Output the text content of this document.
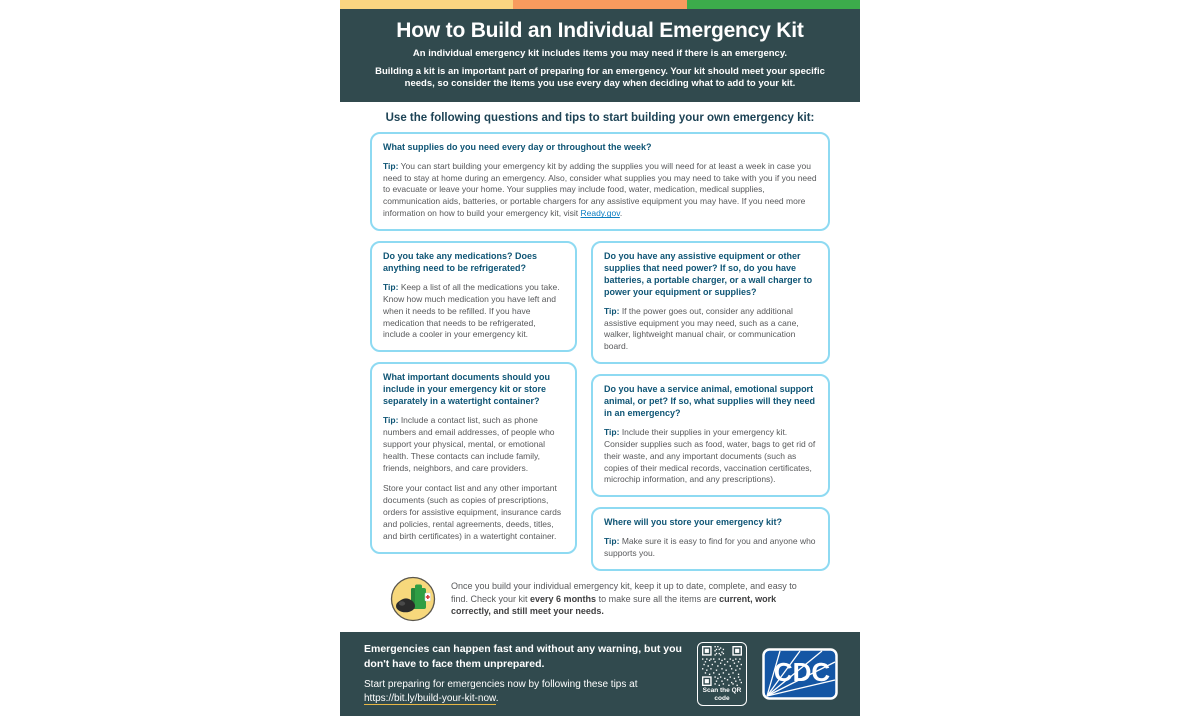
How to Build an Individual Emergency Kit

An individual emergency kit includes items you may need if there is an emergency.

Building a kit is an important part of preparing for an emergency. Your kit should meet your specific needs, so consider the items you use every day when deciding what to add to your kit.

Use the following questions and tips to start building your own emergency kit:
What supplies do you need every day or throughout the week?

Tip: You can start building your emergency kit by adding the supplies you will need for at least a week in case you need to stay at home during an emergency. Also, consider what supplies you may need to take with you if you need to evacuate or leave your home. Your supplies may include food, water, medication, medical supplies, communication aids, batteries, or portable chargers for any assistive equipment you may have. If you need more information on how to build your emergency kit, visit Ready.gov.

Do you take any medications? Does anything need to be refrigerated?

Tip: Keep a list of all the medications you take. Know how much medication you have left and when it needs to be refilled. If you have medication that needs to be refrigerated, include a cooler in your emergency kit.

What important documents should you include in your emergency kit or store separately in a watertight container?

Tip: Include a contact list, such as phone numbers and email addresses, of people who support your physical, mental, or emotional health. These contacts can include family, friends, neighbors, and care providers.

Store your contact list and any other important documents (such as copies of prescriptions, orders for assistive equipment, insurance cards and policies, rental agreements, deeds, titles, and birth certificates) in a watertight container.

Do you have any assistive equipment or other supplies that need power? If so, do you have batteries, a portable charger, or a wall charger to power your equipment or supplies?

Tip: If the power goes out, consider any additional assistive equipment you may need, such as a cane, walker, lightweight manual chair, or communication board.

Do you have a service animal, emotional support animal, or pet? If so, what supplies will they need in an emergency?

Tip: Include their supplies in your emergency kit. Consider supplies such as food, water, bags to get rid of their waste, and any important documents (such as copies of their medical records, vaccination certificates, microchip information, and any prescriptions).

Where will you store your emergency kit?

Tip: Make sure it is easy to find for you and anyone who supports you.

Once you build your individual emergency kit, keep it up to date, complete, and easy to find. Check your kit every 6 months to make sure all the items are current, work correctly, and still meet your needs.

Emergencies can happen fast and without any warning, but you don't have to face them unprepared.

Start preparing for emergencies now by following these tips at https://bit.ly/build-your-kit-now.

Scan the QR code
CDC
